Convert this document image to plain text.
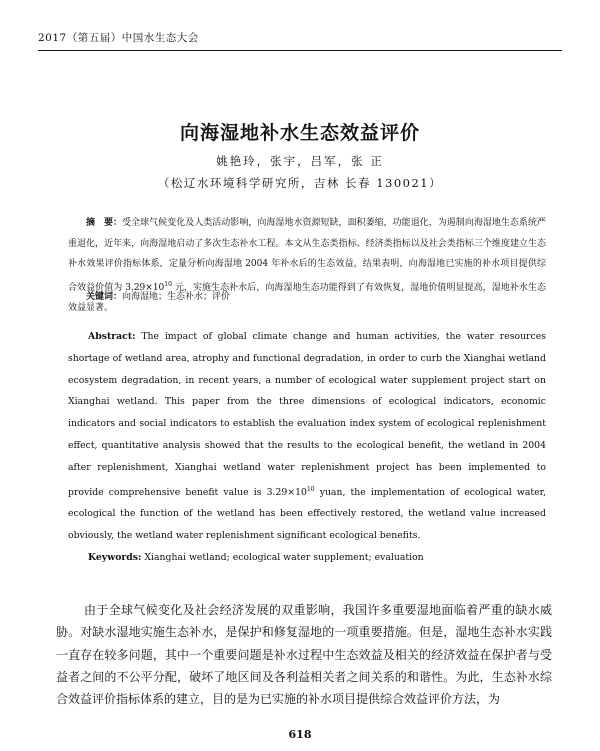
2017（第五届）中国水生态大会
向海湿地补水生态效益评价
姚艳玲，张宇，吕军，张 正
（松辽水环境科学研究所，吉林 长春 130021）
摘　要：受全球气候变化及人类活动影响，向海湿地水资源短缺，面积萎缩，功能退化，为遏制向海湿地生态系统严重退化，近年来，向海湿地启动了多次生态补水工程。本文从生态类指标、经济类指标以及社会类指标三个维度建立生态补水效果评价指标体系，定量分析向海湿地 2004 年补水后的生态效益，结果表明，向海湿地已实施的补水项目提供综合效益价值为 $3.29\times 10^{10}$ 元，实施生态补水后，向海湿地生态功能得到了有效恢复，湿地价值明显提高，湿地补水生态效益显著。
关键词：向海湿地；生态补水；评价
Abstract: The impact of global climate change and human activities, the water resources shortage of wetland area, atrophy and functional degradation, in order to curb the Xianghai wetland ecosystem degradation, in recent years, a number of ecological water supplement project start on Xianghai wetland. This paper from the three dimensions of ecological indicators, economic indicators and social indicators to establish the evaluation index system of ecological replenishment effect, quantitative analysis showed that the results to the ecological benefit, the wetland in 2004 after replenishment, Xianghai wetland water replenishment project has been implemented to provide comprehensive benefit value is $3.29\times 10^{10}$ yuan, the implementation of ecological water, ecological the function of the wetland has been effectively restored, the wetland value increased obviously, the wetland water replenishment significant ecological benefits.
Keywords: Xianghai wetland; ecological water supplement; evaluation
由于全球气候变化及社会经济发展的双重影响，我国许多重要湿地面临着严重的缺水威胁。对缺水湿地实施生态补水，是保护和修复湿地的一项重要措施。但是，湿地生态补水实践一直存在较多问题，其中一个重要问题是补水过程中生态效益及相关的经济效益在保护者与受益者之间的不公平分配，破坏了地区间及各利益相关者之间关系的和谐性。为此，生态补水综合效益评价指标体系的建立，目的是为已实施的补水项目提供综合效益评价方法，为
618
